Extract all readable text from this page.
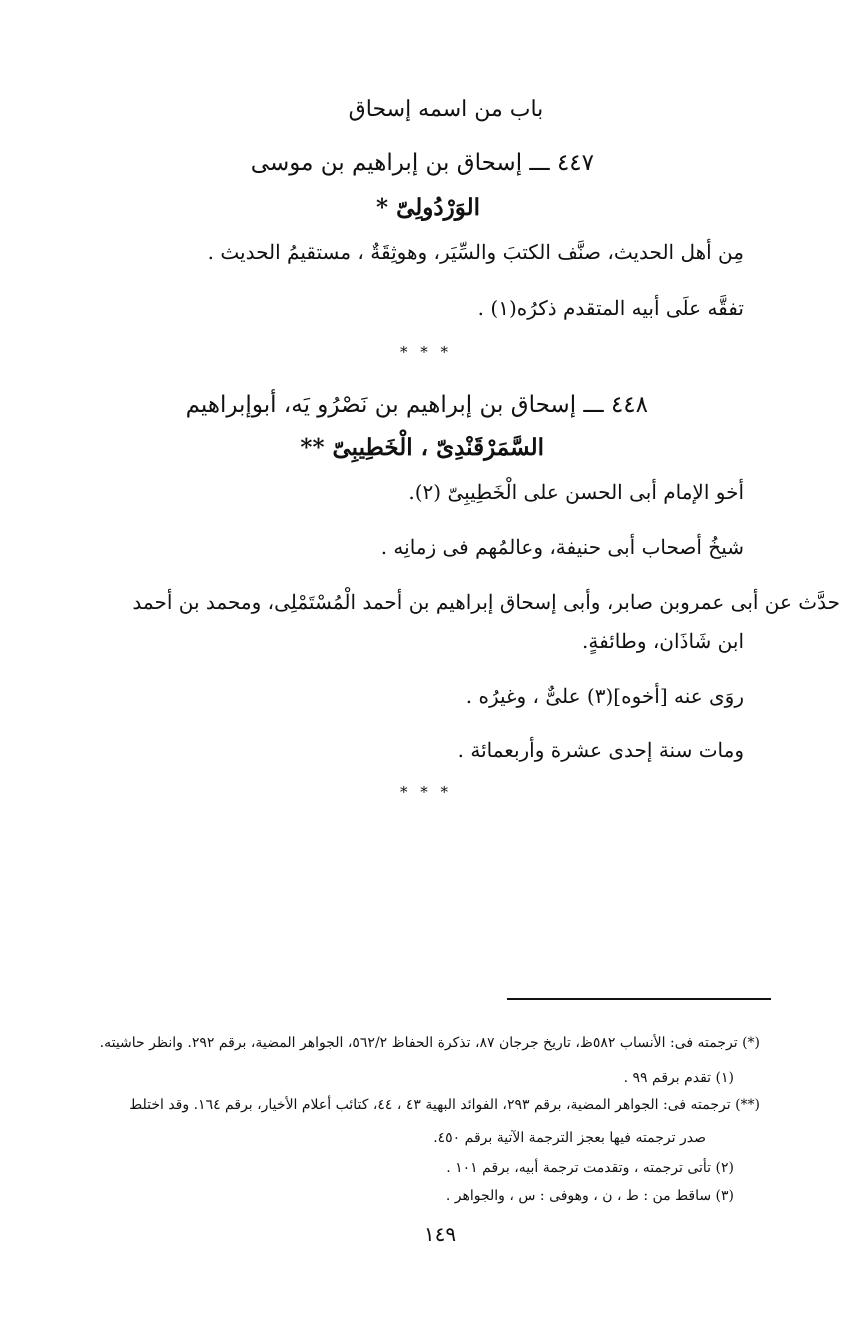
باب من اسمه إسحاق
٤٤٧ ـــ إسحاق بن إبراهيم بن موسى
الوَرْدُولِىّ *
مِن أهل الحديث، صنَّف الكتبَ والسِّيَر، وهوثِقَةٌ ، مستقيمُ الحديث .
تفقَّه علَى أبيه المتقدم ذكرُه(١) .
* * *
٤٤٨ ـــ إسحاق بن إبراهيم بن نَصْرُو يَه، أبوإبراهيم
السَّمَرْقَنْدِىّ ، الْخَطِيبِىّ **
أخو الإمام أبى الحسن على الْخَطِيبِىّ (٢).
شيخُ أصحاب أبى حنيفة، وعالمُهم فى زمانِه .
حدَّث عن أبى عمروبن صابر، وأبى إسحاق إبراهيم بن أحمد الْمُسْتَمْلِى، ومحمد بن أحمد
ابن شَاذَان، وطائفةٍ.
روَى عنه [أخوه](٣) علىٌّ ، وغيرُه .
ومات سنة إحدى عشرة وأربعمائة .
* * *
(*) ترجمته فى: الأنساب ٥٨٢ظ، تاريخ جرجان ٨٧، تذكرة الحفاظ ٥٦٢/٢، الجواهر المضية، برقم ٢٩٢. وانظر حاشيته.
(١) تقدم برقم ٩٩ .
(**) ترجمته فى: الجواهر المضية، برقم ٢٩٣، الفوائد البهية ٤٣ ، ٤٤، كتائب أعلام الأخيار، برقم ١٦٤. وقد اختلط
صدر ترجمته فيها بعجز الترجمة الآتية برقم ٤٥٠.
(٢) تأتى ترجمته ، وتقدمت ترجمة أبيه، برقم ١٠١ .
(٣) ساقط من : ط ، ن ، وهوفى : س ، والجواهر .
١٤٩
